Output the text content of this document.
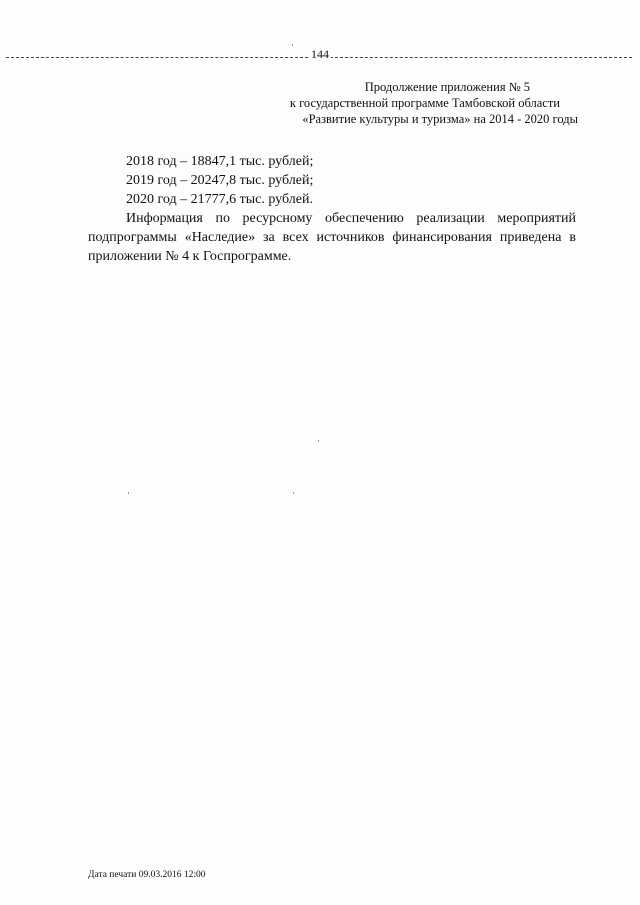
144
Продолжение приложения № 5
к государственной программе Тамбовской области
«Развитие культуры и туризма» на 2014 - 2020 годы
2018 год – 18847,1 тыс. рублей;
2019 год – 20247,8 тыс. рублей;
2020 год – 21777,6 тыс. рублей.

Информация по ресурсному обеспечению реализации мероприятий подпрограммы «Наследие» за всех источников финансирования приведена в приложении № 4 к Госпрограмме.

Дата печати 09.03.2016 12:00
